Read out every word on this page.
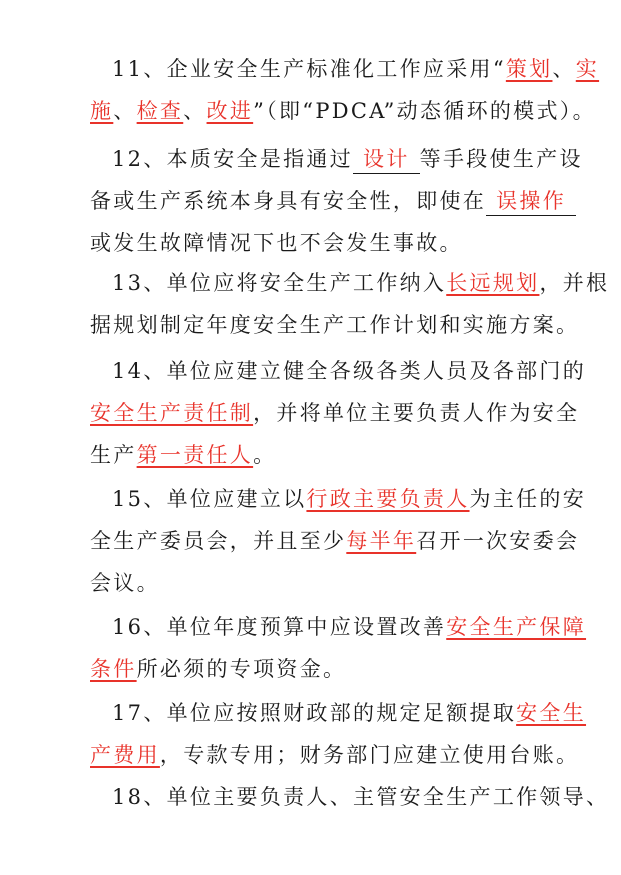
11、企业安全生产标准化工作应采用“策划、实
施、检查、改进”（即“PDCA”动态循环的模式）。
12、本质安全是指通过 设计 等手段使生产设
备或生产系统本身具有安全性，即使在 误操作
或发生故障情况下也不会发生事故。
13、单位应将安全生产工作纳入长远规划，并根
据规划制定年度安全生产工作计划和实施方案。
14、单位应建立健全各级各类人员及各部门的
安全生产责任制，并将单位主要负责人作为安全
生产第一责任人。
15、单位应建立以行政主要负责人为主任的安
全生产委员会，并且至少每半年召开一次安委会
会议。
16、单位年度预算中应设置改善安全生产保障
条件所必须的专项资金。
17、单位应按照财政部的规定足额提取安全生
产费用，专款专用；财务部门应建立使用台账。
18、单位主要负责人、主管安全生产工作领导、
